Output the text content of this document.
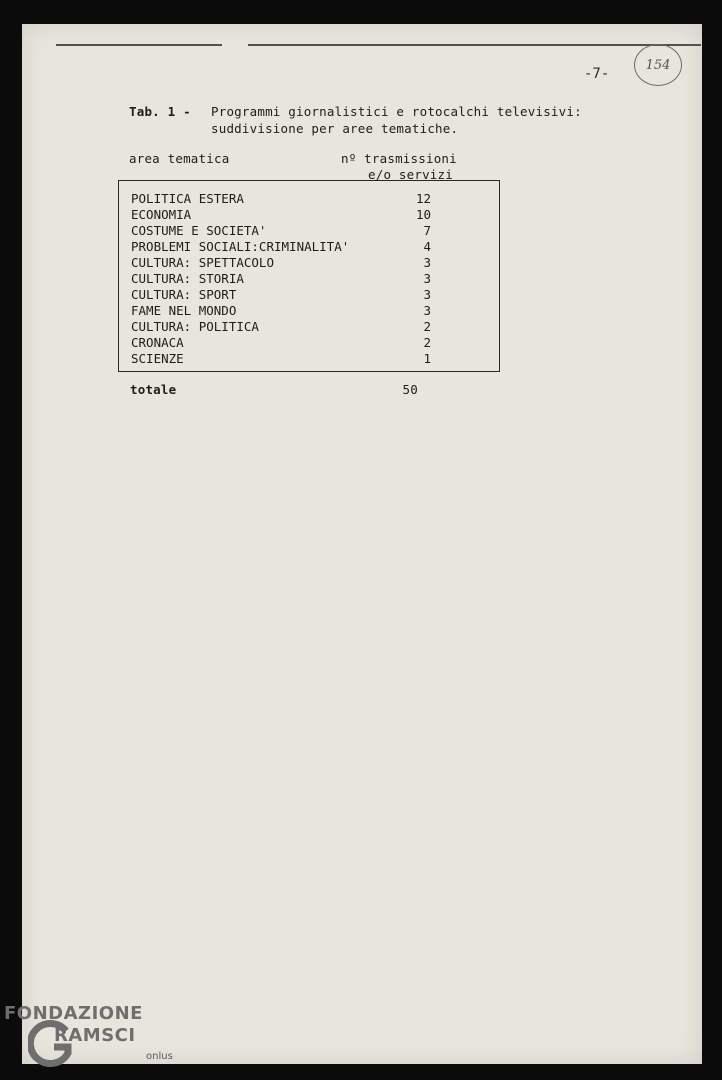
-7-
154
Tab. 1 - Programmi giornalistici e rotocalchi televisivi:
suddivisione per aree tematiche.
area tematica	nº trasmissioni
e/o servizi
POLITICA ESTERA	12
ECONOMIA	10
COSTUME E SOCIETA'	7
PROBLEMI SOCIALI:CRIMINALITA'	4
CULTURA: SPETTACOLO	3
CULTURA: STORIA	3
CULTURA: SPORT	3
FAME NEL MONDO	3
CULTURA: POLITICA	2
CRONACA	2
SCIENZE	1
totale	50
FONDAZIONE
RAMSCI
onlus
